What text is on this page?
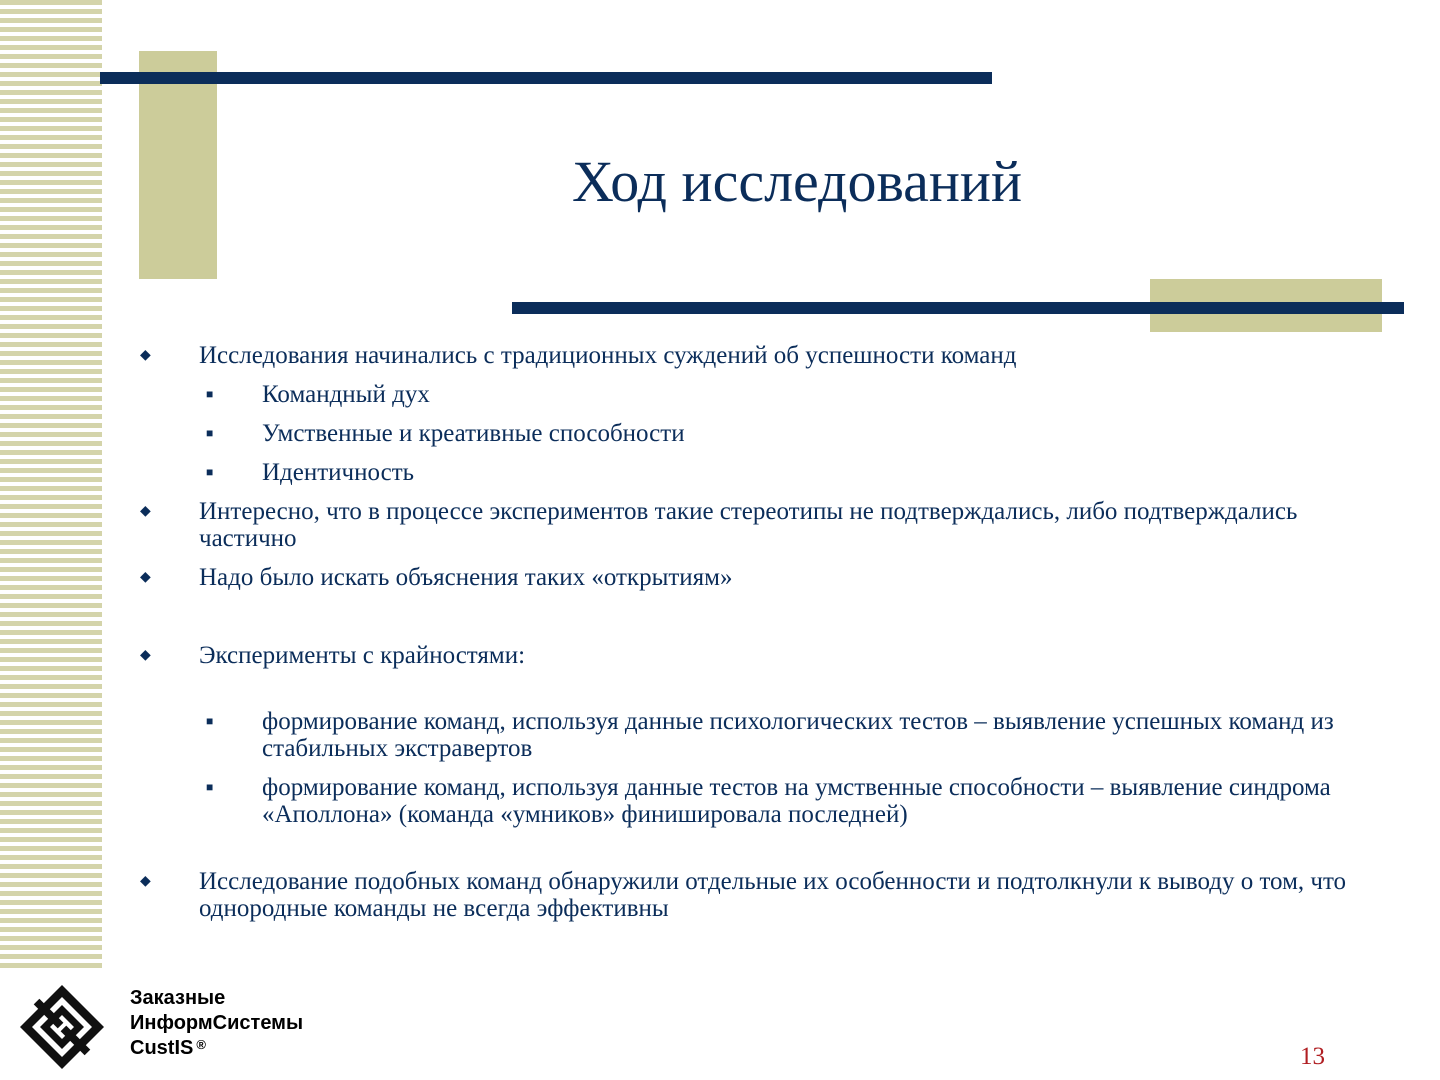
Ход исследований
◆ Исследования начинались с традиционных суждений об успешности команд
■ Командный дух
■ Умственные и креативные способности
■ Идентичность
◆ Интересно, что в процессе экспериментов такие стереотипы не подтверждались, либо подтверждались частично
◆ Надо было искать объяснения таких «открытиям»
◆ Эксперименты с крайностями:
■ формирование команд, используя данные психологических тестов – выявление успешных команд из стабильных экстравертов
■ формирование команд, используя данные тестов на умственные способности – выявление синдрома «Аполлона» (команда «умников» финишировала последней)
◆ Исследование подобных команд обнаружили отдельные их особенности и подтолкнули к выводу о том, что однородные команды не всегда эффективны
Заказные
ИнформСистемы
CustIS ®	13
